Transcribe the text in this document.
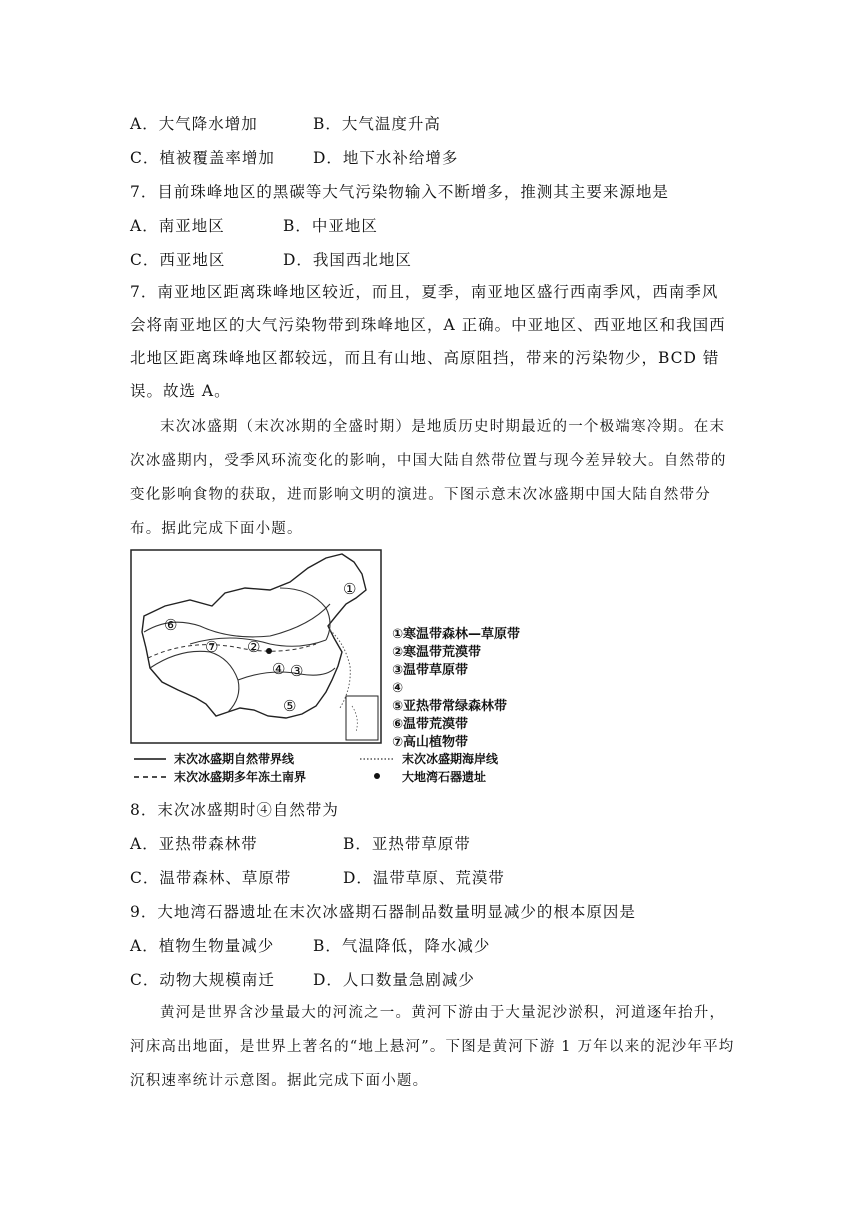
A．大气降水增加	B．大气温度升高
C．植被覆盖率增加 D．地下水补给增多
7．目前珠峰地区的黑碳等大气污染物输入不断增多，推测其主要来源地是
A．南亚地区	B．中亚地区
C．西亚地区	D．我国西北地区
7．南亚地区距离珠峰地区较近，而且，夏季，南亚地区盛行西南季风，西南季风会将南亚地区的大气污染物带到珠峰地区，A 正确。中亚地区、西亚地区和我国西北地区距离珠峰地区都较远，而且有山地、高原阻挡，带来的污染物少，BCD 错误。故选 A。
末次冰盛期（末次冰期的全盛时期）是地质历史时期最近的一个极端寒冷期。在末次冰盛期内，受季风环流变化的影响，中国大陆自然带位置与现今差异较大。自然带的变化影响食物的获取，进而影响文明的演进。下图示意末次冰盛期中国大陆自然带分布。据此完成下面小题。
①
②
③
④
⑤
⑥
⑦
①寒温带森林—草原带
②寒温带荒漠带
③温带草原带
④
⑤亚热带常绿森林带
⑥温带荒漠带
⑦高山植物带
末次冰盛期自然带界线	末次冰盛期海岸线
末次冰盛期多年冻土南界	大地湾石器遗址
8．末次冰盛期时④自然带为
A．亚热带森林带	B．亚热带草原带
C．温带森林、草原带	D．温带草原、荒漠带
9．大地湾石器遗址在末次冰盛期石器制品数量明显减少的根本原因是
A．植物生物量减少	B．气温降低，降水减少
C．动物大规模南迁 D．人口数量急剧减少
黄河是世界含沙量最大的河流之一。黄河下游由于大量泥沙淤积，河道逐年抬升，河床高出地面，是世界上著名的“地上悬河”。下图是黄河下游 1 万年以来的泥沙年平均沉积速率统计示意图。据此完成下面小题。
